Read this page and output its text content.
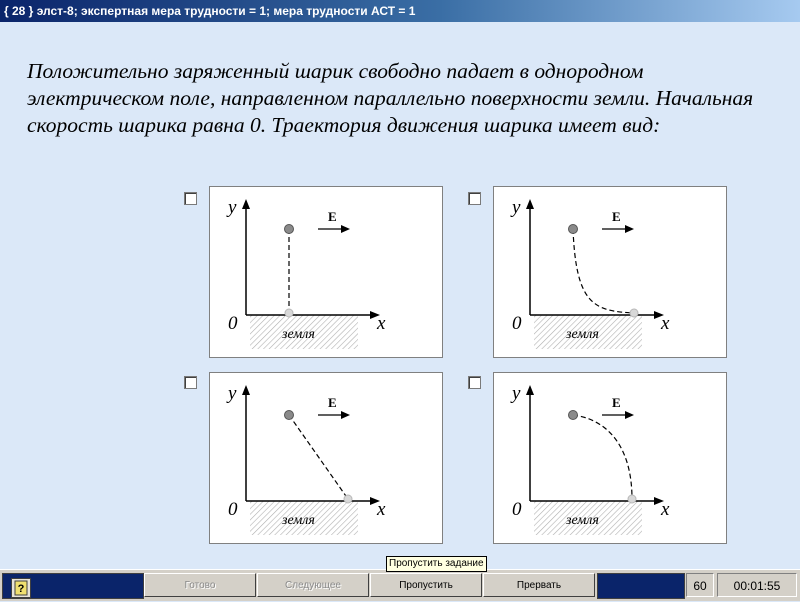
{ 28 } элст-8; экспертная мера трудности = 1; мера трудности АСТ = 1
Положительно заряженный шарик свободно падает в однородном электрическом поле, направленном параллельно поверхности земли. Начальная скорость шарика равна 0. Траектория движения шарика имеет вид:
y
x
0
E
земля
y
x
0
E
земля
y
x
0
E
земля
y
x
0
E
земля
?	Готово	Следующее	Пропустить	Прервать	60	00:01:55
Пропустить задание
